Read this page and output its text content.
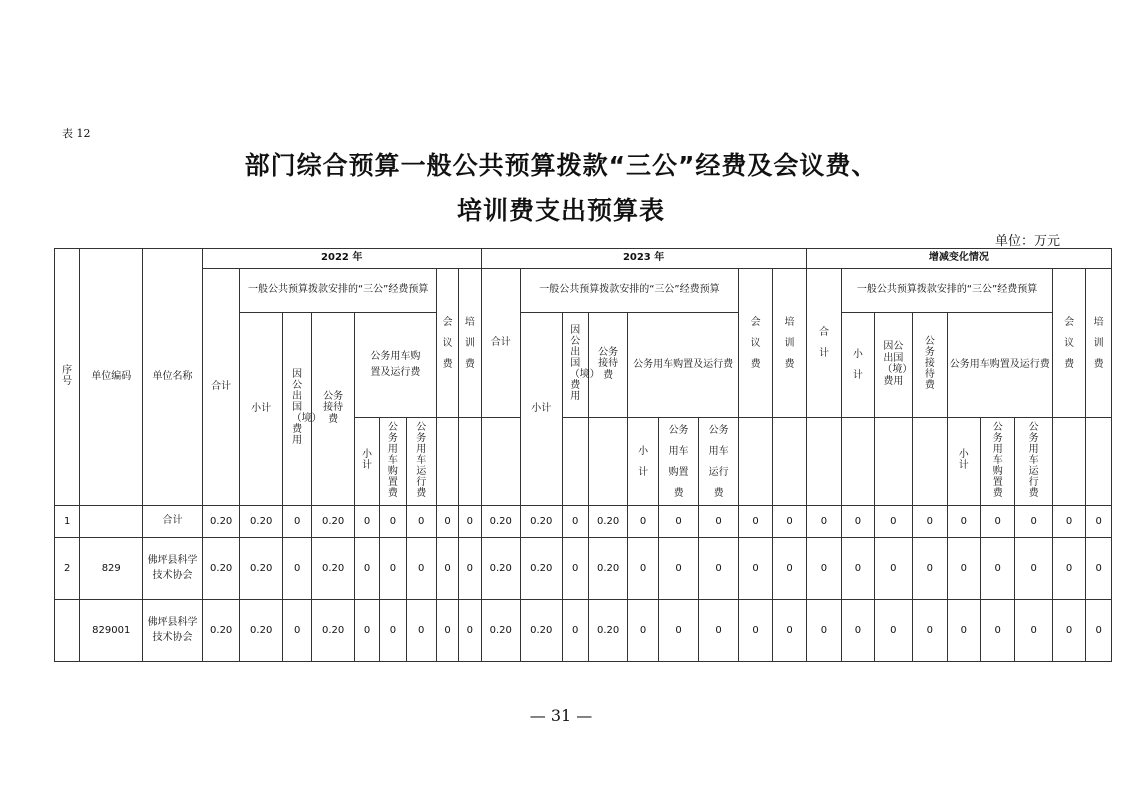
表 12
部门综合预算一般公共预算拨款“三公”经费及会议费、
培训费支出预算表
单位：万元
序号	单位编码	单位名称	2022 年									2023 年									增减变化情况								
			合计	一般公共预算拨款安排的“三公”经费预算						会议费	培训费	合计	一般公共预算拨款安排的“三公”经费预算						会议费	培训费	合计	一般公共预算拨款安排的“三公”经费预算						会议费	培训费
				小计	因公出国（境）费用	公务接待费	公务用车购置及运行费						小计	因公出国（境）费用	公务接待费	公务用车购置及运行费						小计	因公出国（境）费用	公务接待费	公务用车购置及运行费				
							小计	公务用车购置费	公务用车运行费							小计	公务用车购置费	公务用车运行费							小计	公务用车购置费	公务用车运行费		
1		合计	0.20	0.20	0	0.20	0	0	0	0	0	0.20	0.20	0	0.20	0	0	0	0	0	0	0	0	0	0	0	0	0	0
2	829	佛坪县科学技术协会	0.20	0.20	0	0.20	0	0	0	0	0	0.20	0.20	0	0.20	0	0	0	0	0	0	0	0	0	0	0	0	0	0
	829001	佛坪县科学技术协会	0.20	0.20	0	0.20	0	0	0	0	0	0.20	0.20	0	0.20	0	0	0	0	0	0	0	0	0	0	0	0	0	0
— 31 —
